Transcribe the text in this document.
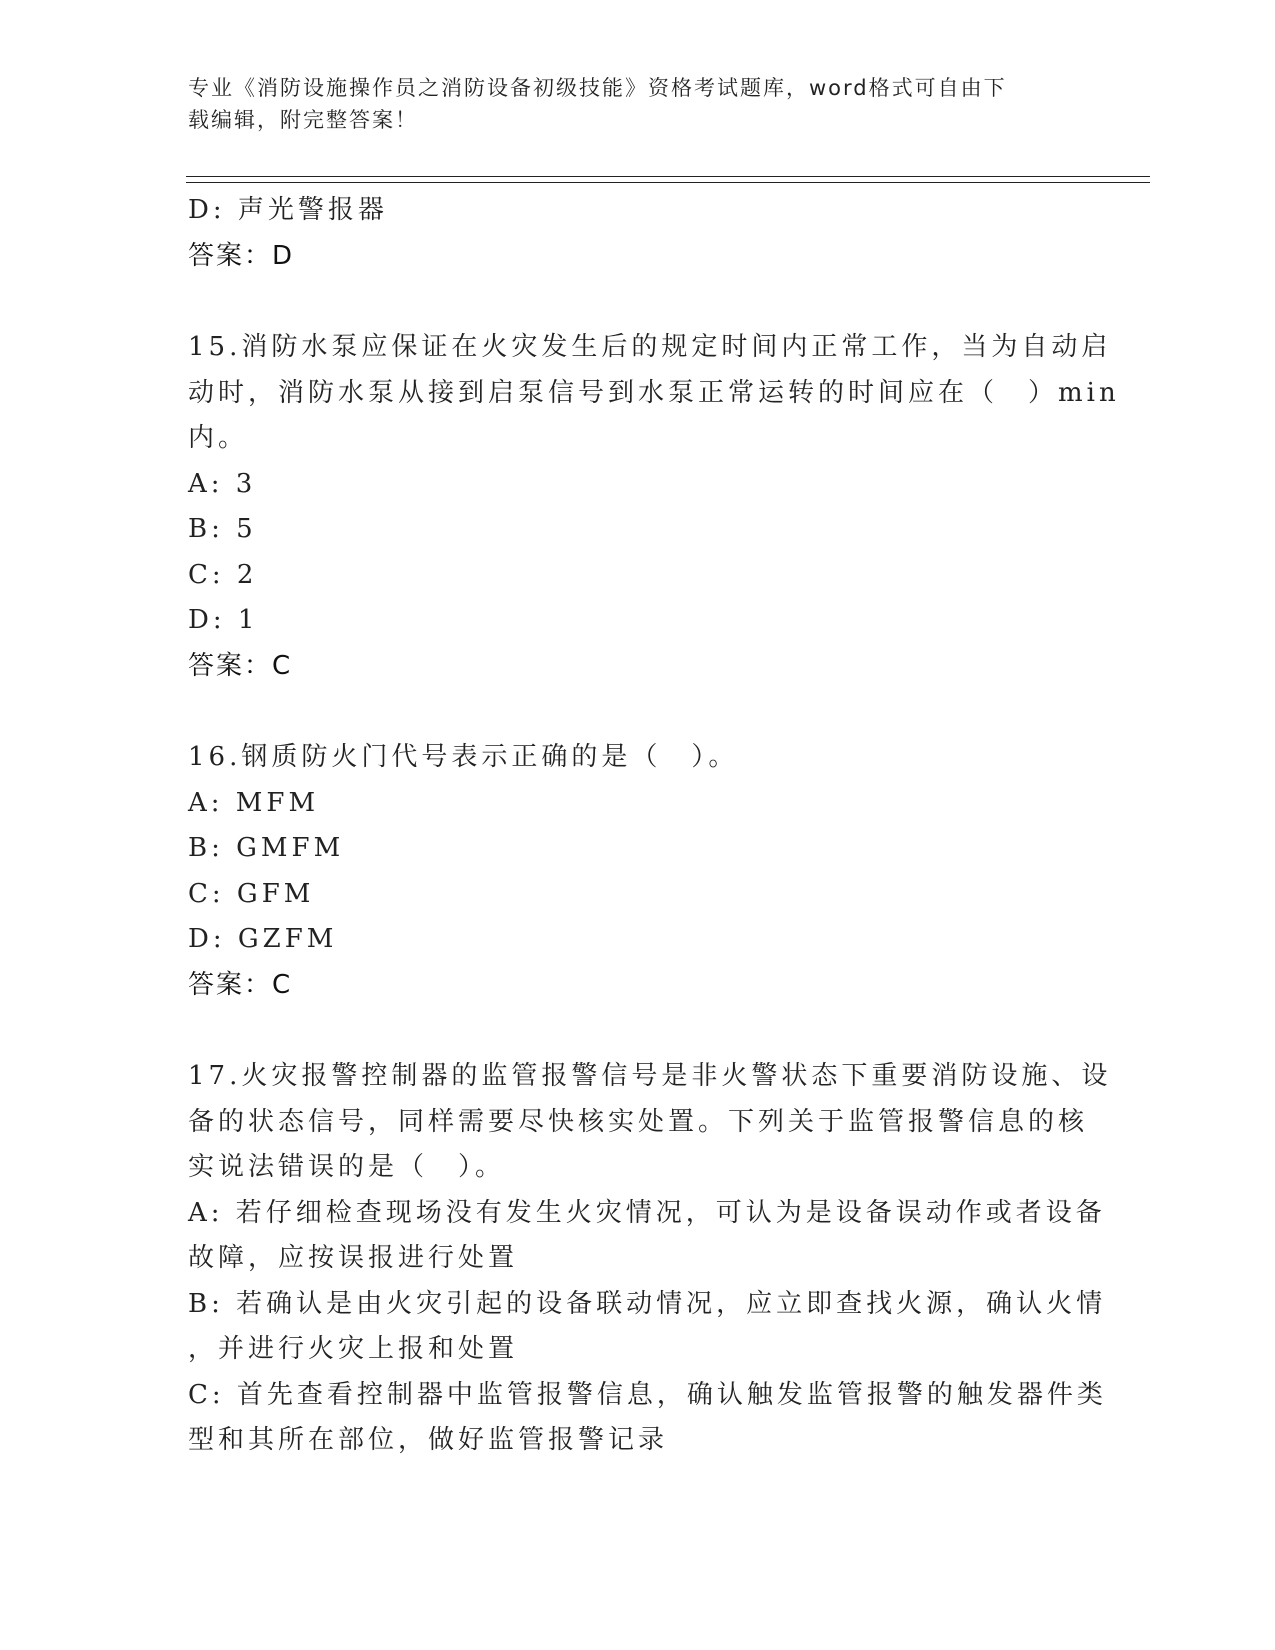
专业《消防设施操作员之消防设备初级技能》资格考试题库，word格式可自由下
载编辑，附完整答案！
D: 声光警报器
答案：D
15.消防水泵应保证在火灾发生后的规定时间内正常工作，当为自动启
动时，消防水泵从接到启泵信号到水泵正常运转的时间应在（　）min
内。
A: 3
B: 5
C: 2
D: 1
答案：C
16.钢质防火门代号表示正确的是（　）。
A: MFM
B: GMFM
C: GFM
D: GZFM
答案：C
17.火灾报警控制器的监管报警信号是非火警状态下重要消防设施、设
备的状态信号，同样需要尽快核实处置。下列关于监管报警信息的核
实说法错误的是（　）。
A: 若仔细检查现场没有发生火灾情况，可认为是设备误动作或者设备
故障，应按误报进行处置
B: 若确认是由火灾引起的设备联动情况，应立即查找火源，确认火情
，并进行火灾上报和处置
C: 首先查看控制器中监管报警信息，确认触发监管报警的触发器件类
型和其所在部位，做好监管报警记录
